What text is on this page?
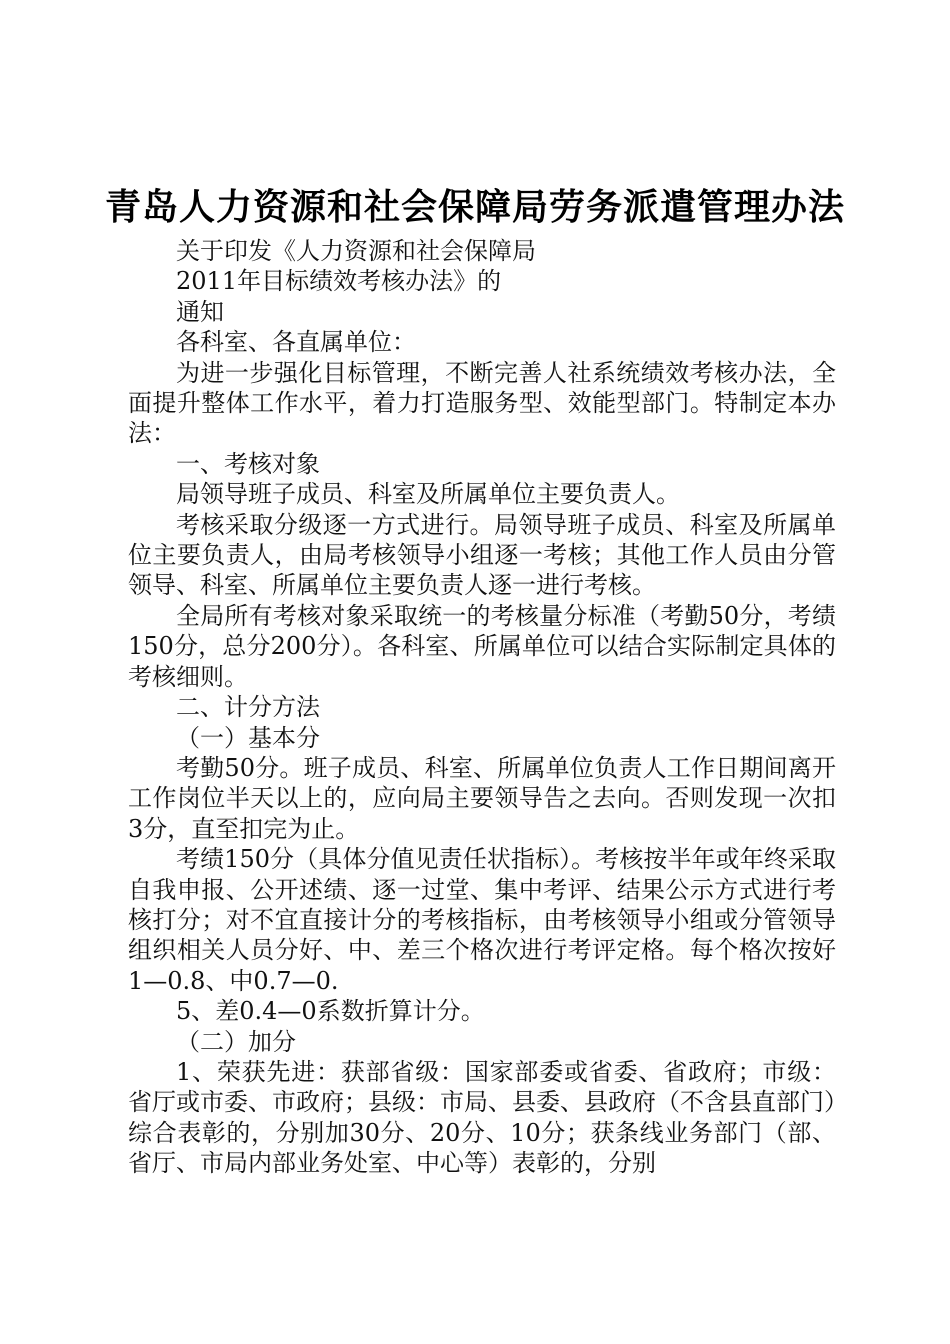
青岛人力资源和社会保障局劳务派遣管理办法

关于印发《人力资源和社会保障局

2011年目标绩效考核办法》的

通知

各科室、各直属单位：

为进一步强化目标管理，不断完善人社系统绩效考核办法，全面提升整体工作水平，着力打造服务型、效能型部门。特制定本办法：

一、考核对象

局领导班子成员、科室及所属单位主要负责人。

考核采取分级逐一方式进行。局领导班子成员、科室及所属单位主要负责人，由局考核领导小组逐一考核；其他工作人员由分管领导、科室、所属单位主要负责人逐一进行考核。

全局所有考核对象采取统一的考核量分标准（考勤50分，考绩150分，总分200分）。各科室、所属单位可以结合实际制定具体的考核细则。

二、计分方法

（一）基本分

考勤50分。班子成员、科室、所属单位负责人工作日期间离开工作岗位半天以上的，应向局主要领导告之去向。否则发现一次扣3分，直至扣完为止。

考绩150分（具体分值见责任状指标）。考核按半年或年终采取自我申报、公开述绩、逐一过堂、集中考评、结果公示方式进行考核打分；对不宜直接计分的考核指标，由考核领导小组或分管领导组织相关人员分好、中、差三个格次进行考评定格。每个格次按好1—0.8、中0.7—0.

5、差0.4—0系数折算计分。

（二）加分

1、荣获先进：获部省级：国家部委或省委、省政府；市级：省厅或市委、市政府；县级：市局、县委、县政府（不含县直部门）综合表彰的，分别加30分、20分、10分；获条线业务部门（部、省厅、市局内部业务处室、中心等）表彰的，分别
